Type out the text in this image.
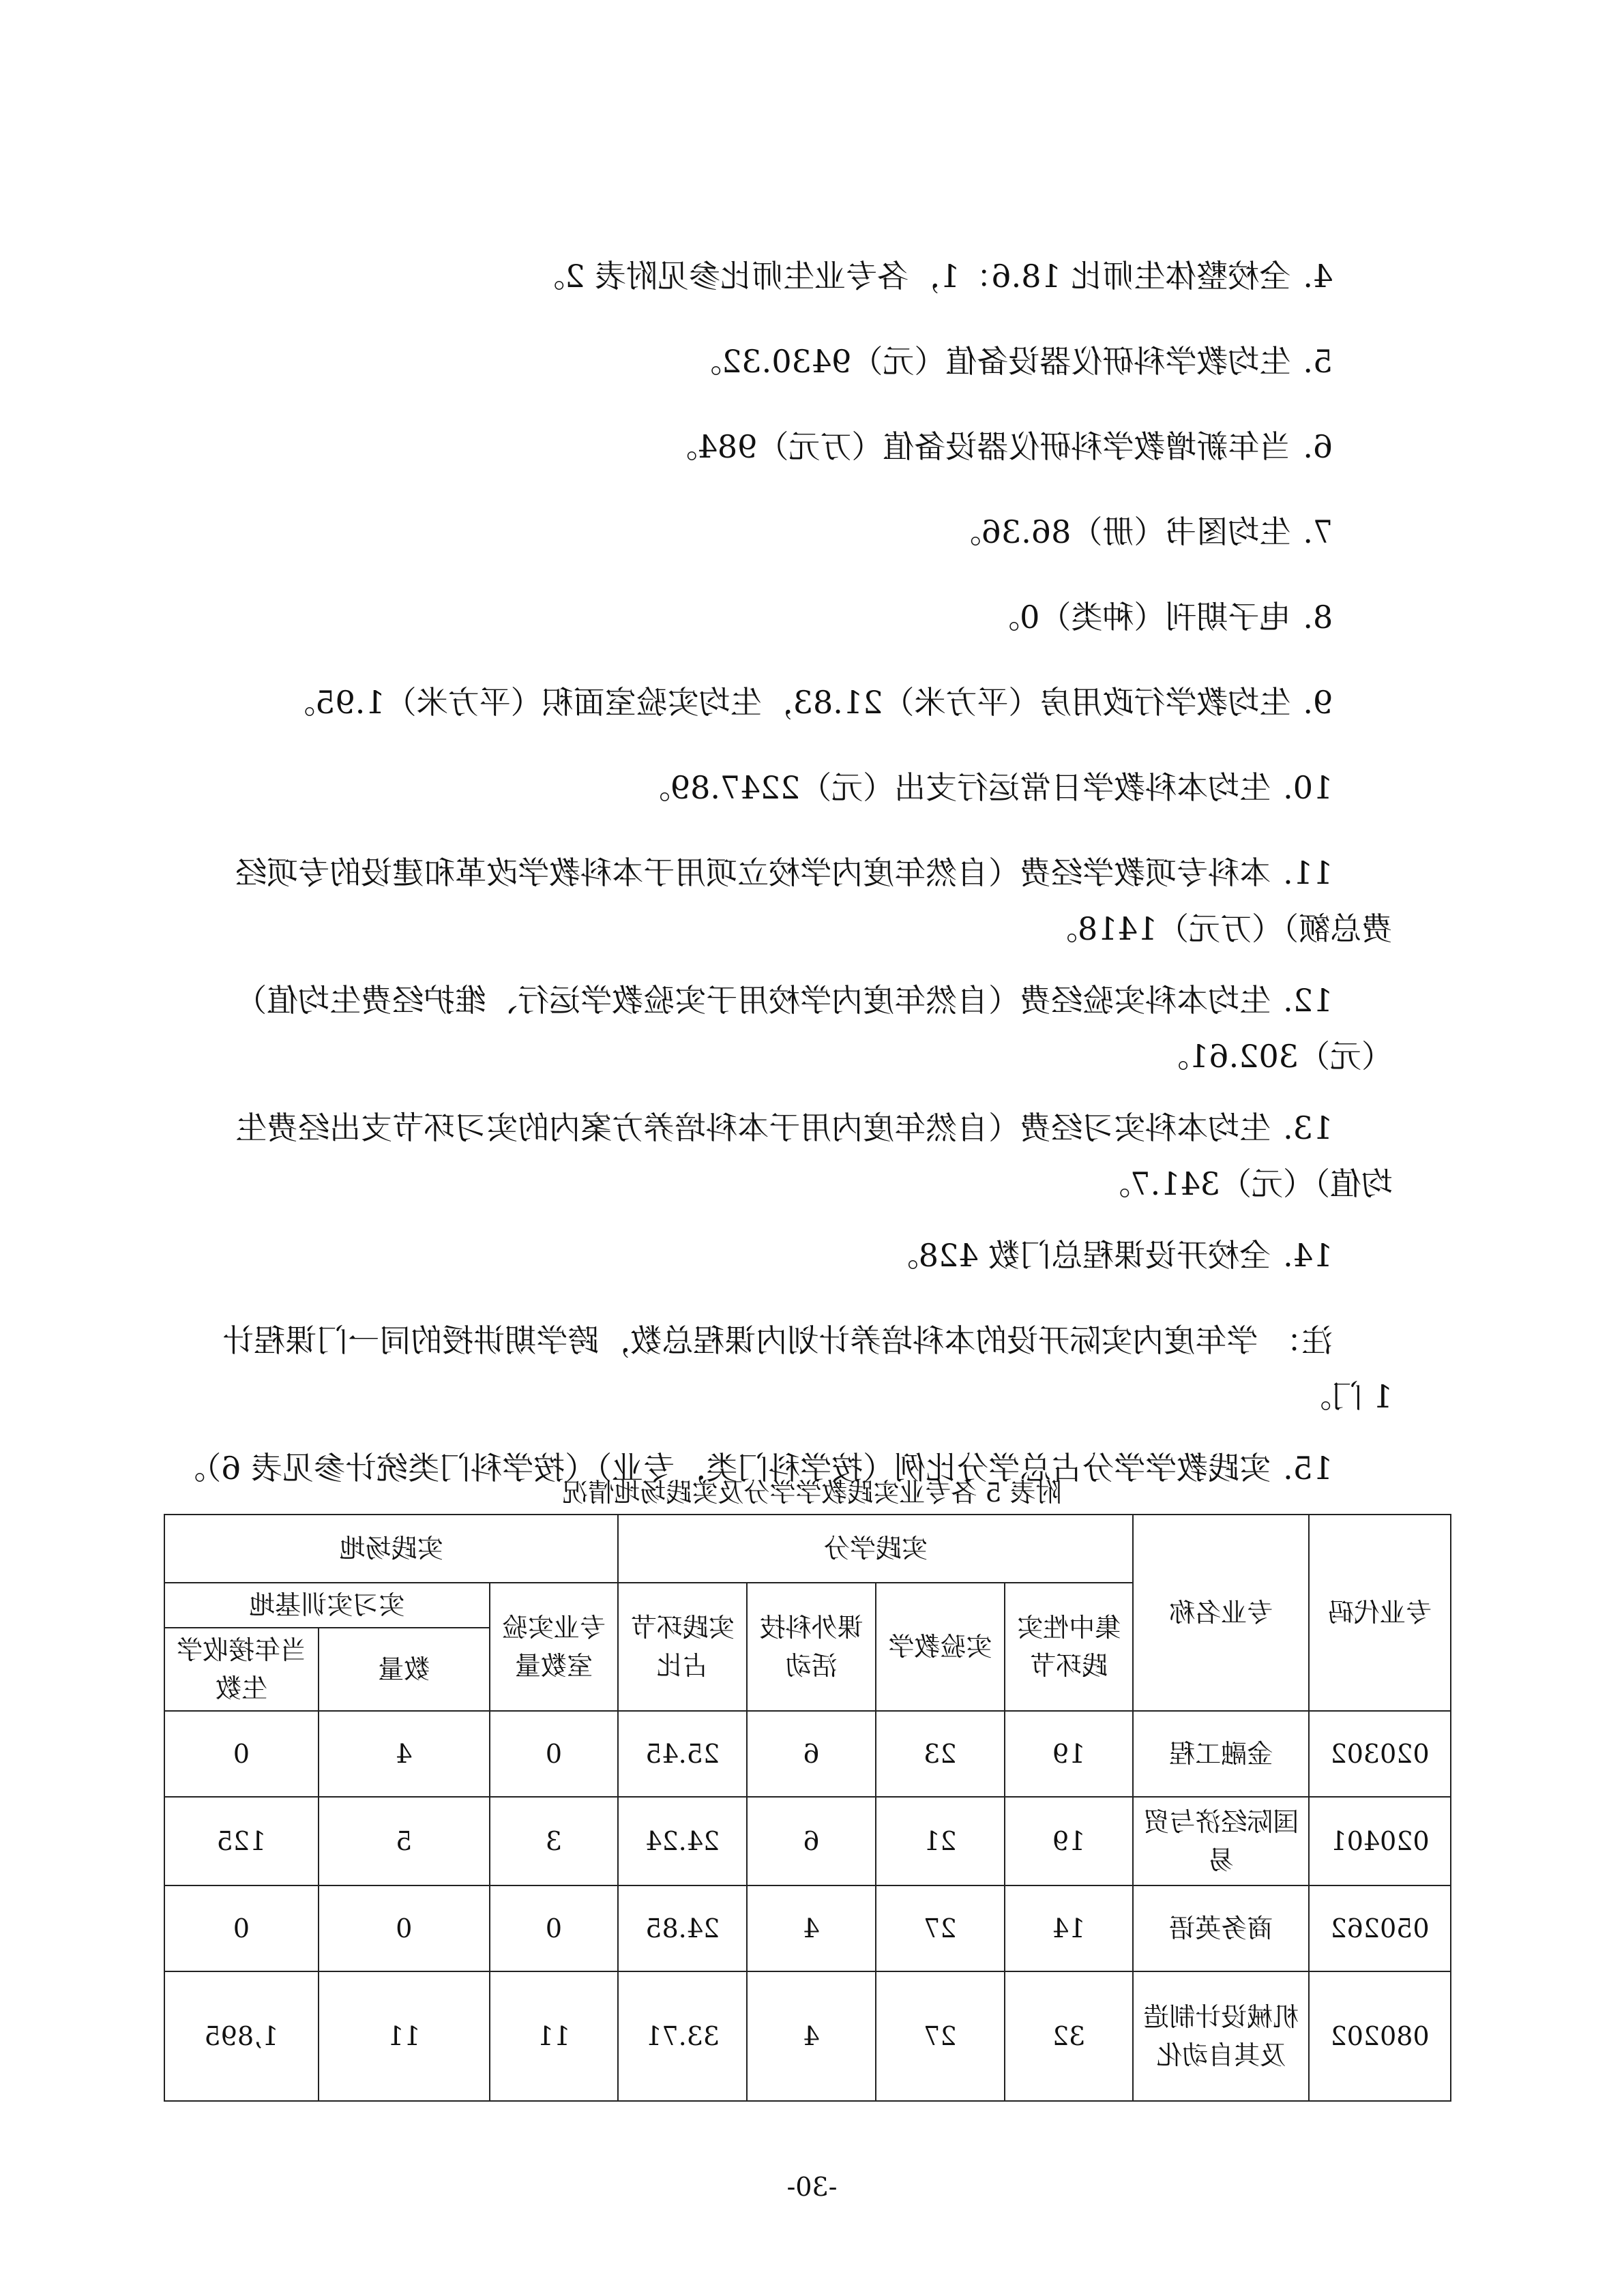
4.全校整体生师比 18.6：1，各专业生师比参见附表 2。

5.生均教学科研仪器设备值（元）9430.32。

6.当年新增教学科研仪器设备值（万元）984。

7.生均图书（册）86.36。

8.电子期刊（种类）0。

9.生均教学行政用房（平方米）21.83，生均实验室面积（平方米）1.95。

10.生均本科教学日常运行支出（元）2247.89。

11.本科专项教学经费（自然年度内学校立项用于本科教学改革和建设的专项经费总额）（万元）1418。

12.生均本科实验经费（自然年度内学校用于实验教学运行、维护经费生均值）（元）302.61。

13.生均本科实习经费（自然年度内用于本科培养方案内的实习环节支出经费生均值）（元）341.7。

14.全校开设课程总门数 428。

注：学年度内实际开设的本科培养计划内课程总数，跨学期讲授的同一门课程计 1 门。

15.实践教学学分占总学分比例（按学科门类，专业）（按学科门类统计参见表 6）。

附表 5 各专业实践教学学分及实践场地情况
专业代码	专业名称	实践学分				实践场地		
		集中性实践环节	实验教学	课外科技活动	实践环节占比	专业实验室数量	实习实训基地	
							数量	当年接收学生数
020302	金融工程	19	23	6	25.45	0	4	0
020401	国际经济与贸易	19	21	6	24.24	3	5	125
050262	商务英语	14	27	4	24.85	0	0	0
080202	机械设计制造及其自动化	32	27	4	33.71	11	11	1,895
-30-
